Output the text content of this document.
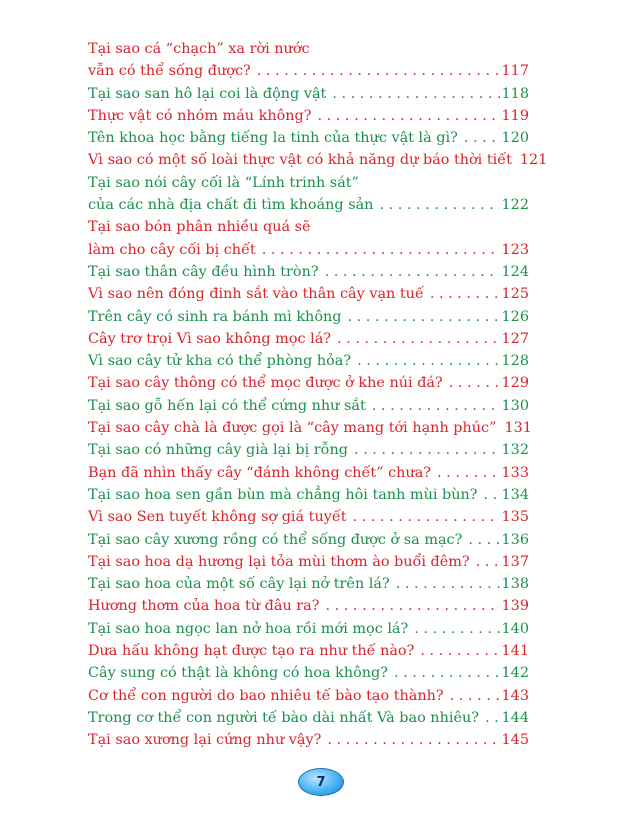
Tại sao cá “chạch” xa rời nước
vẫn có thể sống được? . . .	117
Tại sao san hô lại coi là động vật . . .	118
Thực vật có nhóm máu không? . . .	119
Tên khoa học bằng tiếng la tinh của thực vật là gì? . . .	120
Vì sao có một số loài thực vật có khả năng dự báo thời tiết 121
Tại sao nói cây cối là “Lính trinh sát”
của các nhà địa chất đi tìm khoáng sản . . .	122
Tại sao bón phân nhiều quá sẽ
làm cho cây cối bị chết . . .	123
Tại sao thân cây đều hình tròn? . . .	124
Vì sao nên đóng đinh sắt vào thân cây vạn tuế . . .	125
Trên cây có sinh ra bánh mì không . . .	126
Cây trơ trọi Vì sao không mọc lá? . . .	127
Vì sao cây tử kha có thể phòng hỏa? . . .	128
Tại sao cây thông có thể mọc được ở khe núi đá? . . .	129
Tại sao gỗ hến lại có thể cứng như sắt . . .	130
Tại sao cây chà là được gọi là “cây mang tới hạnh phúc” 131
Tại sao có những cây già lại bị rỗng . . .	132
Bạn đã nhìn thấy cây “đánh không chết” chưa? . . .	133
Tại sao hoa sen gần bùn mà chẳng hôi tanh mùi bùn? . . . 134
Vì sao Sen tuyết không sợ giá tuyết . . .	135
Tại sao cây xương rồng có thể sống được ở sa mạc? . . .	136
Tại sao hoa dạ hương lại tỏa mùi thơm ào buổi đêm? . . . 137
Tại sao hoa của một số cây lại nở trên lá? . . .	138
Hương thơm của hoa từ đâu ra? . . .	139
Tại sao hoa ngọc lan nở hoa rồi mới mọc lá? . . .	140
Dưa hấu không hạt được tạo ra như thế nào? . . .	141
Cây sung có thật là không có hoa không? . . .	142
Cơ thể con người do bao nhiêu tế bào tạo thành? . . .	143
Trong cơ thể con người tế bào dài nhất Và bao nhiêu? . . . 144
Tại sao xương lại cứng như vậy? . . .	145
7
